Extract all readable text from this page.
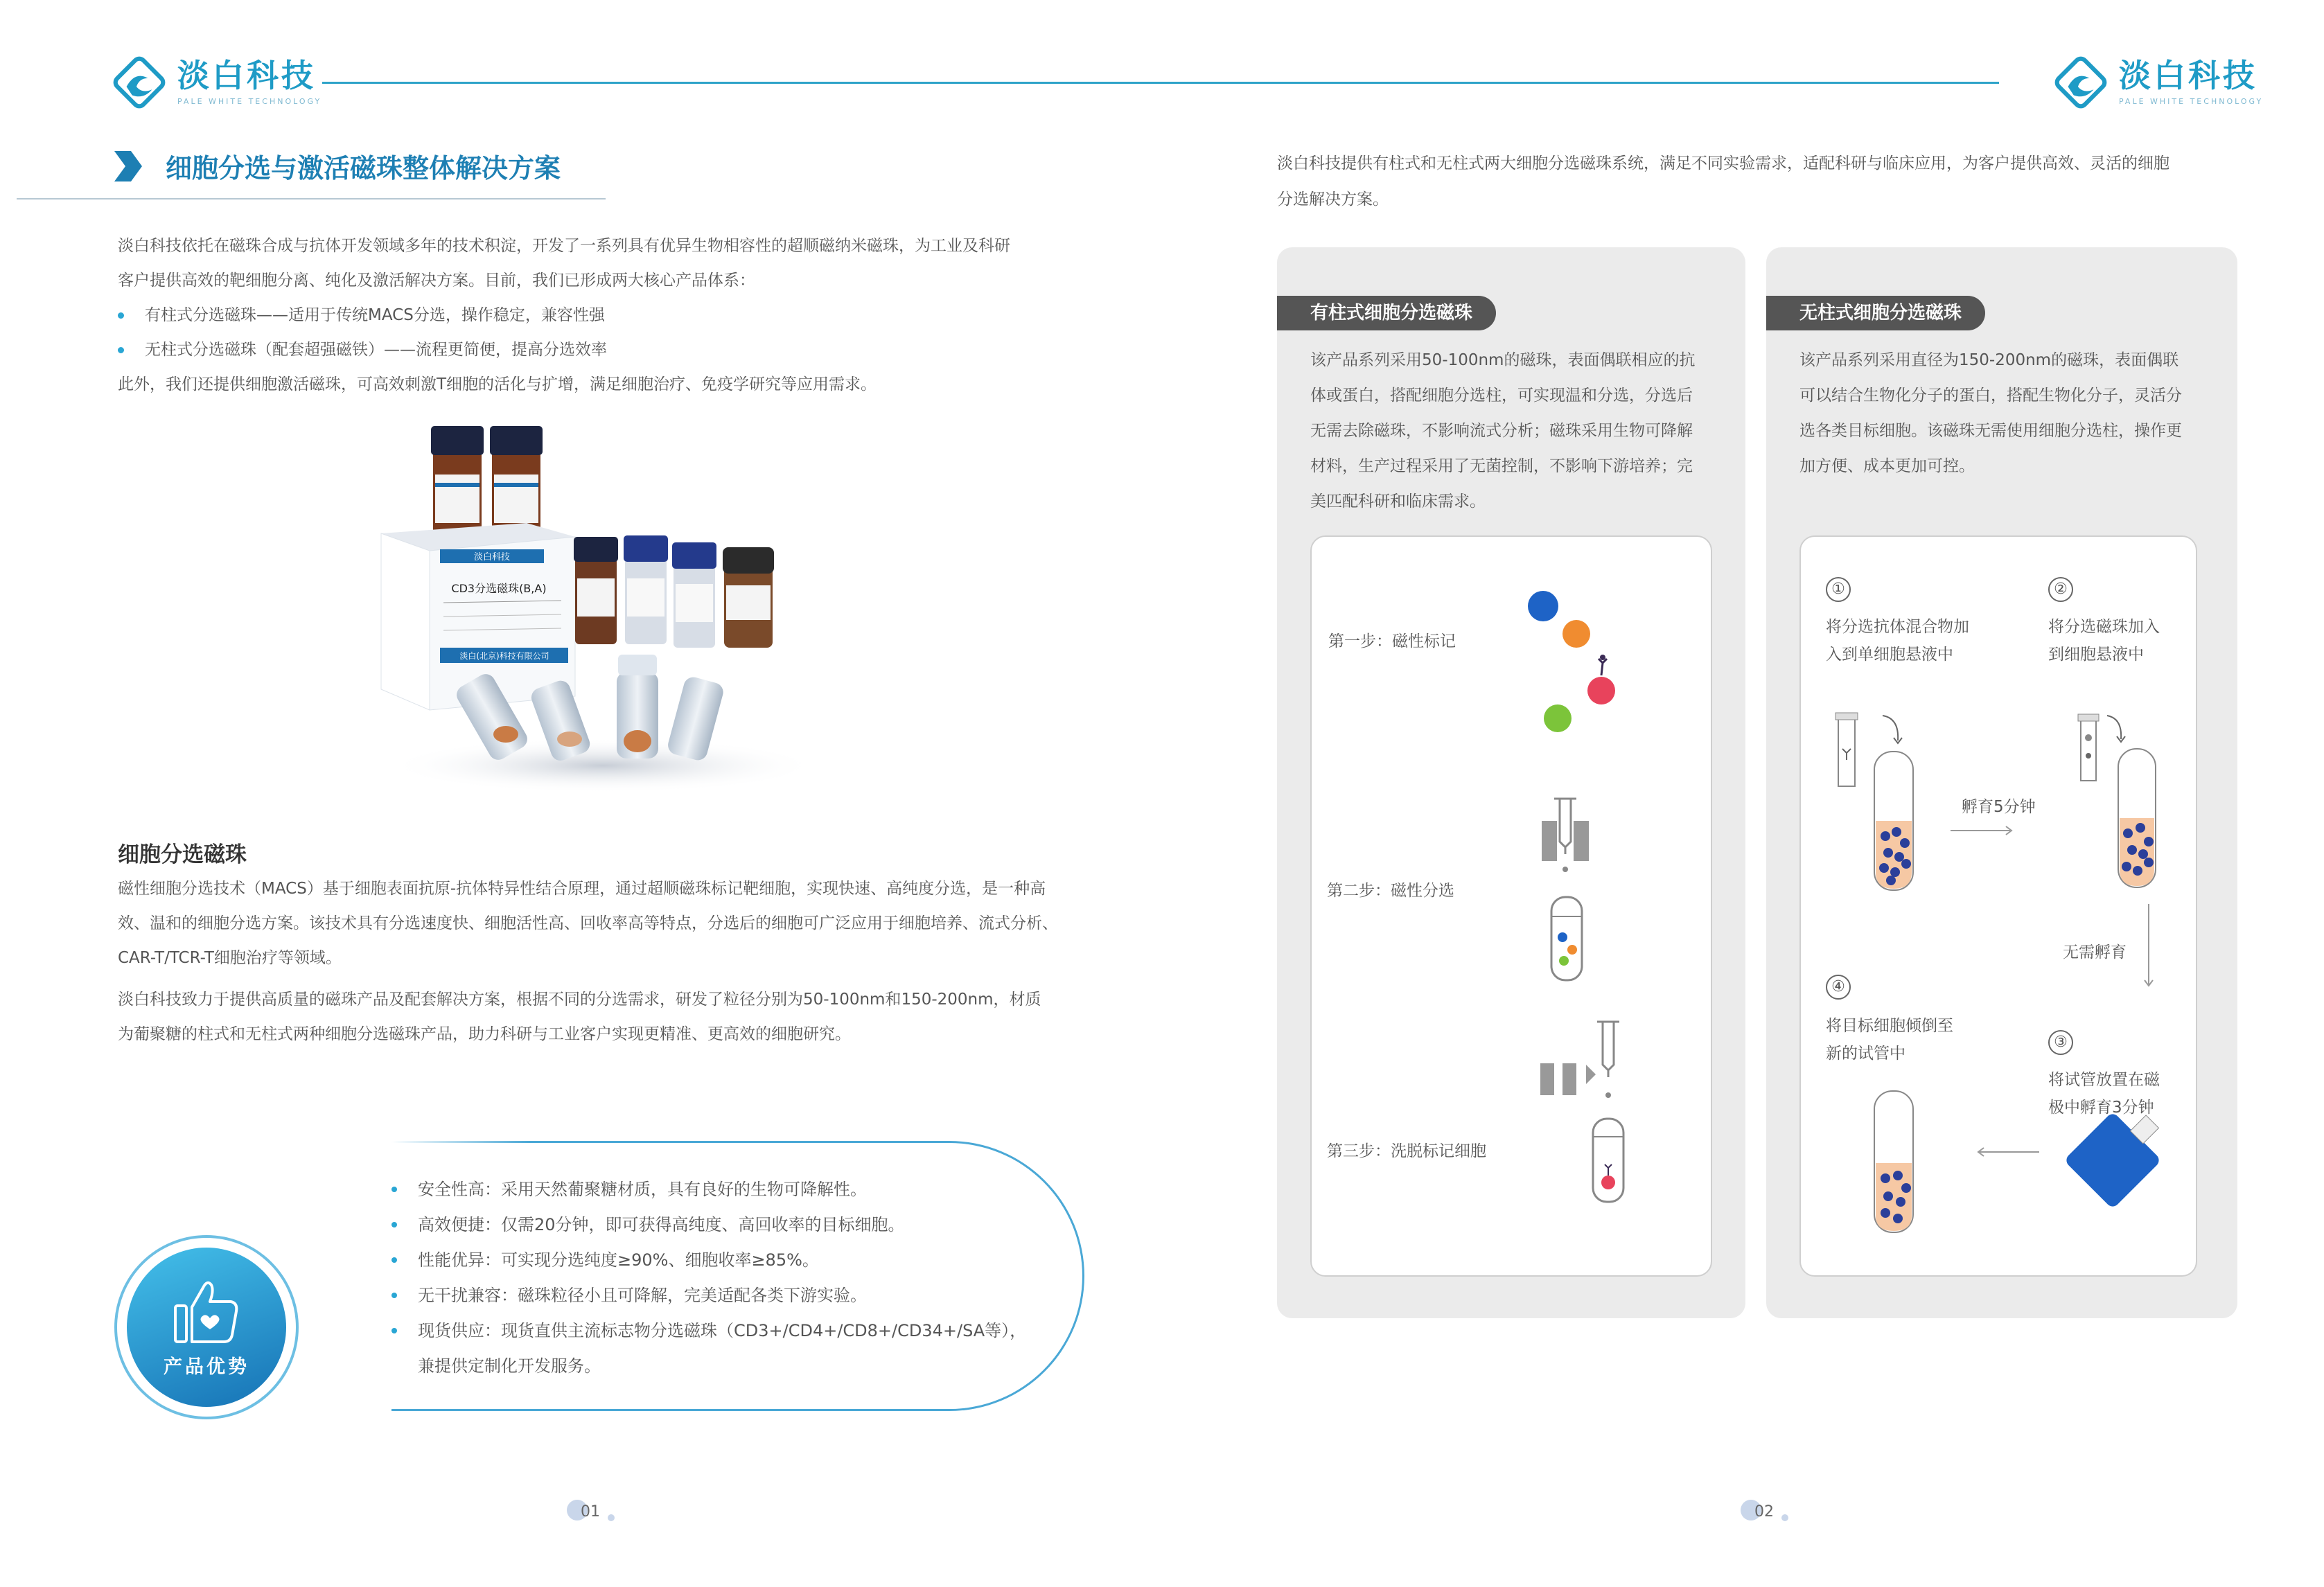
淡白科技
PALE WHITE TECHNOLOGY
淡白科技
PALE WHITE TECHNOLOGY
细胞分选与激活磁珠整体解决方案
淡白科技依托在磁珠合成与抗体开发领域多年的技术积淀，开发了一系列具有优异生物相容性的超顺磁纳米磁珠，为工业及科研
客户提供高效的靶细胞分离、纯化及激活解决方案。目前，我们已形成两大核心产品体系：
有柱式分选磁珠——适用于传统MACS分选，操作稳定，兼容性强
无柱式分选磁珠（配套超强磁铁）——流程更简便，提高分选效率
此外，我们还提供细胞激活磁珠，可高效刺激T细胞的活化与扩增，满足细胞治疗、免疫学研究等应用需求。
淡白科技
CD3分选磁珠(B,A)
淡白(北京)科技有限公司
细胞分选磁珠
磁性细胞分选技术（MACS）基于细胞表面抗原-抗体特异性结合原理，通过超顺磁珠标记靶细胞，实现快速、高纯度分选，是一种高
效、温和的细胞分选方案。该技术具有分选速度快、细胞活性高、回收率高等特点，分选后的细胞可广泛应用于细胞培养、流式分析、
CAR-T/TCR-T细胞治疗等领域。
淡白科技致力于提供高质量的磁珠产品及配套解决方案，根据不同的分选需求，研发了粒径分别为50-100nm和150-200nm，材质
为葡聚糖的柱式和无柱式两种细胞分选磁珠产品，助力科研与工业客户实现更精准、更高效的细胞研究。
安全性高：采用天然葡聚糖材质，具有良好的生物可降解性。
高效便捷：仅需20分钟，即可获得高纯度、高回收率的目标细胞。
性能优异：可实现分选纯度≥90%、细胞收率≥85%。
无干扰兼容：磁珠粒径小且可降解，完美适配各类下游实验。
现货供应：现货直供主流标志物分选磁珠（CD3+/CD4+/CD8+/CD34+/SA等），
兼提供定制化开发服务。
产品优势
01
淡白科技提供有柱式和无柱式两大细胞分选磁珠系统，满足不同实验需求，适配科研与临床应用，为客户提供高效、灵活的细胞
分选解决方案。
有柱式细胞分选磁珠
该产品系列采用50-100nm的磁珠，表面偶联相应的抗
体或蛋白，搭配细胞分选柱，可实现温和分选，分选后
无需去除磁珠，不影响流式分析；磁珠采用生物可降解
材料，生产过程采用了无菌控制，不影响下游培养；完
美匹配科研和临床需求。
第一步：磁性标记
第二步：磁性分选
第三步：洗脱标记细胞
无柱式细胞分选磁珠
该产品系列采用直径为150-200nm的磁珠，表面偶联
可以结合生物化分子的蛋白，搭配生物化分子，灵活分
选各类目标细胞。该磁珠无需使用细胞分选柱，操作更
加方便、成本更加可控。
①
将分选抗体混合物加
入到单细胞悬液中
②
将分选磁珠加入
到细胞悬液中
孵育5分钟
无需孵育
④
将目标细胞倾倒至
新的试管中
③
将试管放置在磁
极中孵育3分钟
02
